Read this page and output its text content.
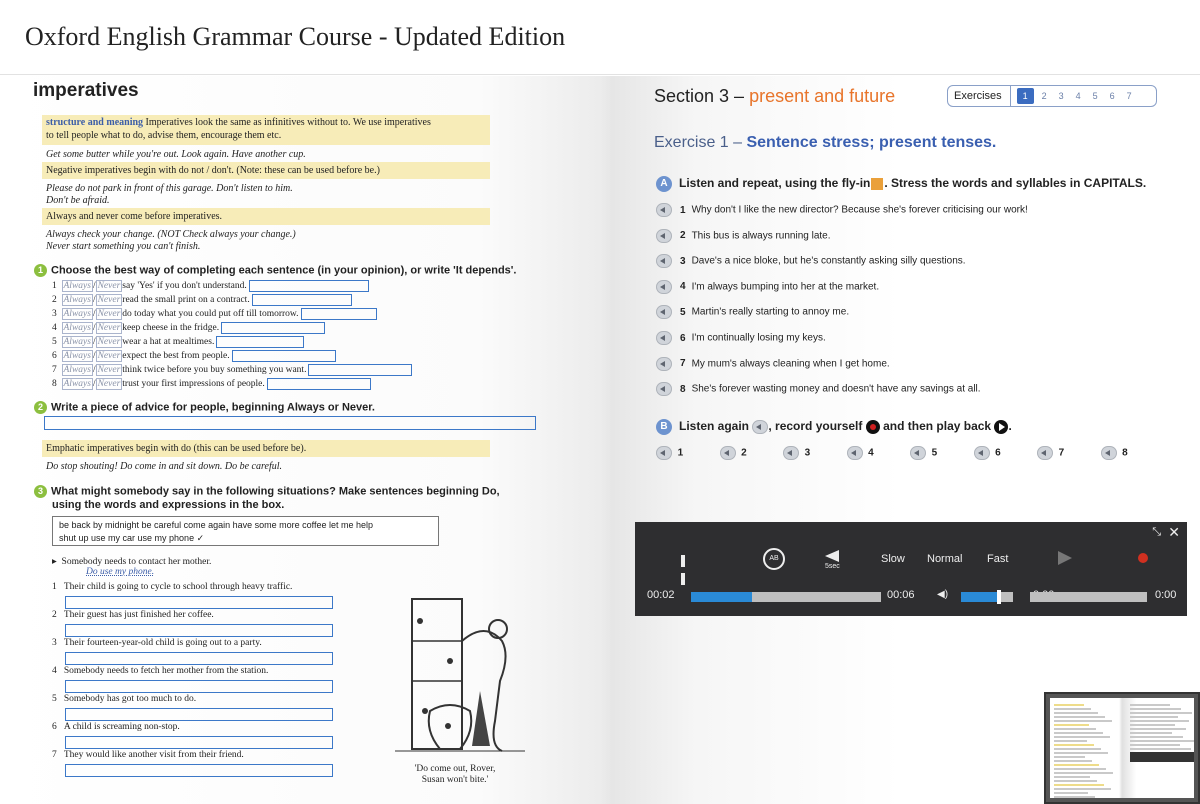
Oxford English Grammar Course - Updated Edition
imperatives
structure and meaning Imperatives look the same as infinitives without to. We use imperatives
to tell people what to do, advise them, encourage them etc.
Get some butter while you're out. Look again. Have another cup.
Negative imperatives begin with do not / don't. (Note: these can be used before be.)
Please do not park in front of this garage. Don't listen to him.
Don't be afraid.
Always and never come before imperatives.
Always check your change. (NOT Check always your change.)
Never start something you can't finish.
1 Choose the best way of completing each sentence (in your opinion), or write 'It depends'.
1 Always / Never say 'Yes' if you don't understand.
2 Always / Never read the small print on a contract.
3 Always / Never do today what you could put off till tomorrow.
4 Always / Never keep cheese in the fridge.
5 Always / Never wear a hat at mealtimes.
6 Always / Never expect the best from people.
7 Always / Never think twice before you buy something you want.
8 Always / Never trust your first impressions of people.
2 Write a piece of advice for people, beginning Always or Never.
Emphatic imperatives begin with do (this can be used before be).
Do stop shouting! Do come in and sit down. Do be careful.
3 What might somebody say in the following situations? Make sentences beginning Do,
using the words and expressions in the box.
be back by midnight be careful come again have some more coffee let me help
shut up use my car use my phone ✓
▸  Somebody needs to contact her mother.
Do use my phone.
1 Their child is going to cycle to school through heavy traffic.
2 Their guest has just finished her coffee.
3 Their fourteen-year-old child is going out to a party.
4 Somebody needs to fetch her mother from the station.
5 Somebody has got too much to do.
6 A child is screaming non-stop.
7 They would like another visit from their friend.
'Do come out, Rover,
Susan won't bite.'
Section 3 – present and future	Exercises	1	2	3	4	5	6	7
Exercise 1 – Sentence stress; present tenses.
A Listen and repeat, using the fly-in . Stress the words and syllables in CAPITALS.
1 Why don't I like the new director? Because she's forever criticising our work!
2 This bus is always running late.
3 Dave's a nice bloke, but he's constantly asking silly questions.
4 I'm always bumping into her at the market.
5 Martin's really starting to annoy me.
6 I'm continually losing my keys.
7 My mum's always cleaning when I get home.
8 She's forever wasting money and doesn't have any savings at all.
B Listen again , record yourself and then play back .
1	2	3	4	5	6	7	8
⤡ ✕
AB
5sec
Slow Normal Fast
00:02	00:06 ◀)	0:00
